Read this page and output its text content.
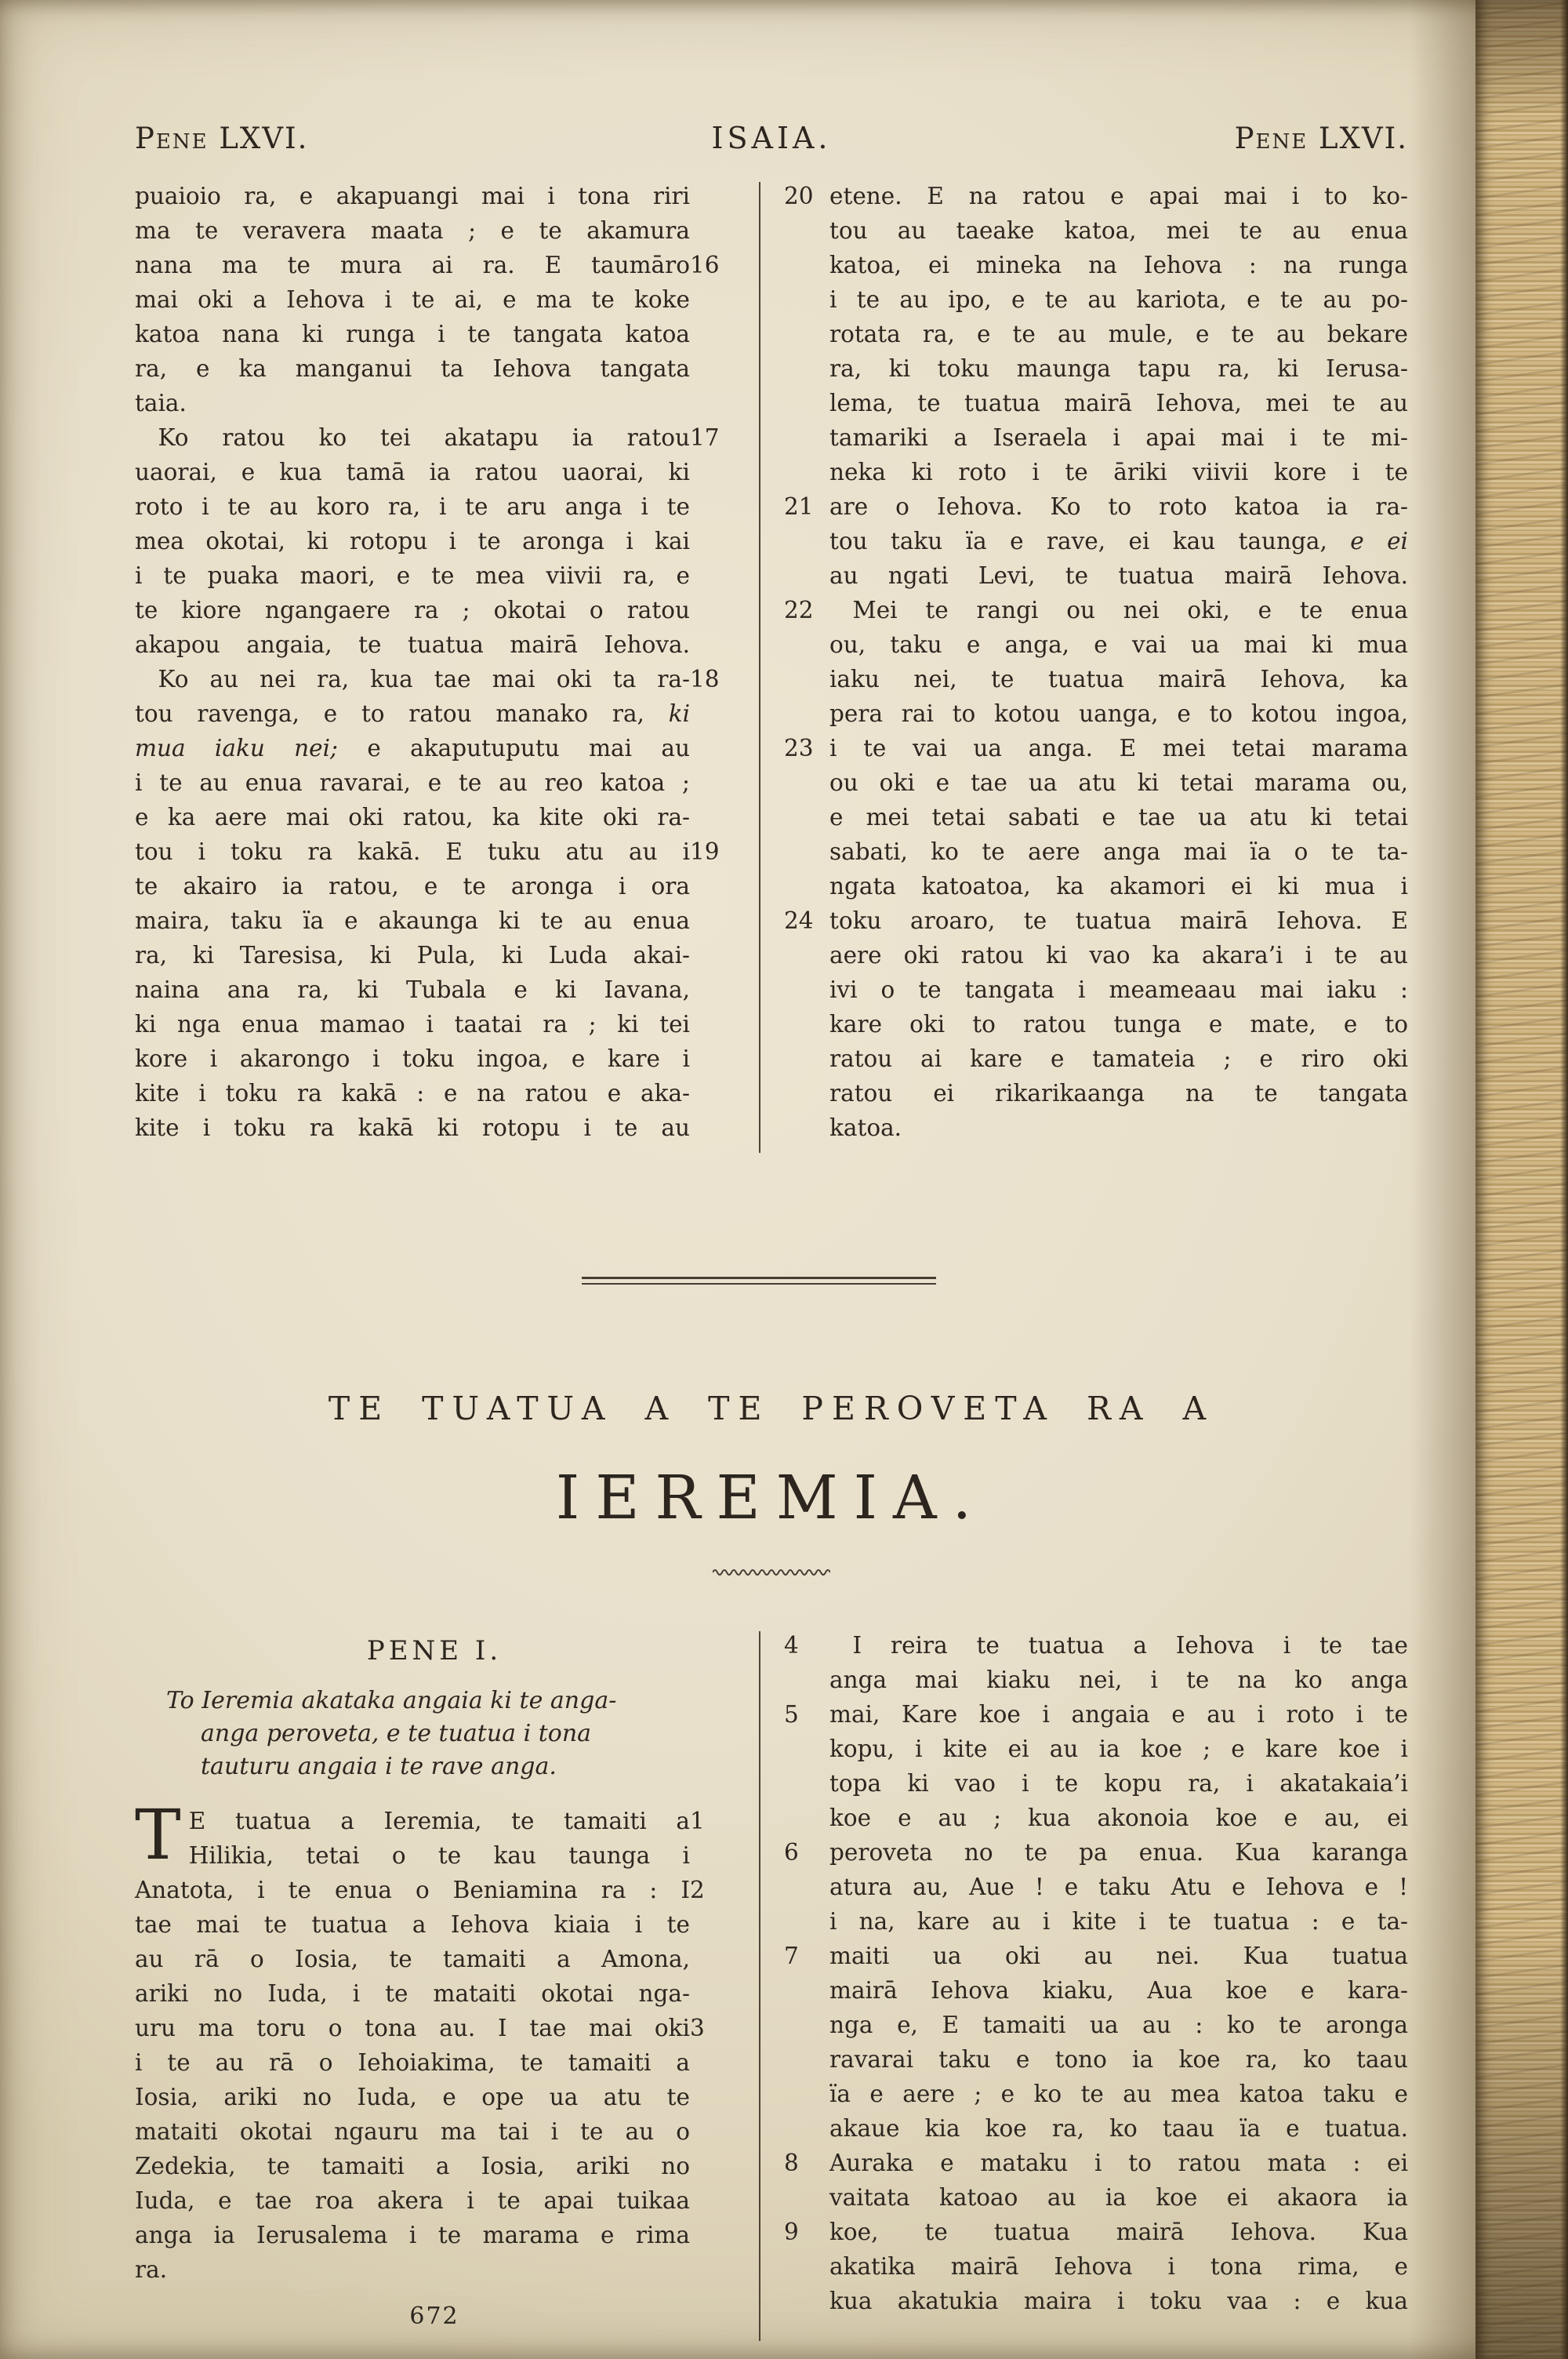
Pene LXVI.	ISAIA.	Pene LXVI.
puaioio ra, e akapuangi mai i tona riri
ma te veravera maata ; e te akamura
nana ma te mura ai ra. E taumāro 16
mai oki a Iehova i te ai, e ma te koke
katoa nana ki runga i te tangata katoa
ra, e ka manganui ta Iehova tangata
taia.
 Ko ratou ko tei akatapu ia ratou 17
uaorai, e kua tamā ia ratou uaorai, ki
roto i te au koro ra, i te aru anga i te
mea okotai, ki rotopu i te aronga i kai
i te puaka maori, e te mea viivii ra, e
te kiore ngangaere ra ; okotai o ratou
akapou angaia, te tuatua mairā Iehova.
 Ko au nei ra, kua tae mai oki ta ra- 18
tou ravenga, e to ratou manako ra, ki
mua iaku nei; e akaputuputu mai au
i te au enua ravarai, e te au reo katoa ;
e ka aere mai oki ratou, ka kite oki ra-
tou i toku ra kakā. E tuku atu au i 19
te akairo ia ratou, e te aronga i ora
maira, taku ïa e akaunga ki te au enua
ra, ki Taresisa, ki Pula, ki Luda akai-
naina ana ra, ki Tubala e ki Iavana,
ki nga enua mamao i taatai ra ; ki tei
kore i akarongo i toku ingoa, e kare i
kite i toku ra kakā : e na ratou e aka-
kite i toku ra kakā ki rotopu i te au
etene. E na ratou e apai mai i to ko-
20
tou au taeake katoa, mei te au enua
katoa, ei mineka na Iehova : na runga
i te au ipo, e te au kariota, e te au po-
rotata ra, e te au mule, e te au bekare
ra, ki toku maunga tapu ra, ki Ierusa-
lema, te tuatua mairā Iehova, mei te au
tamariki a Iseraela i apai mai i te mi-
neka ki roto i te āriki viivii kore i te
are o Iehova. Ko to roto katoa ia ra-
21
tou taku ïa e rave, ei kau taunga, e ei
au ngati Levi, te tuatua mairā Iehova.
 Mei te rangi ou nei oki, e te enua
22
ou, taku e anga, e vai ua mai ki mua
iaku nei, te tuatua mairā Iehova, ka
pera rai to kotou uanga, e to kotou ingoa,
i te vai ua anga. E mei tetai marama
23
ou oki e tae ua atu ki tetai marama ou,
e mei tetai sabati e tae ua atu ki tetai
sabati, ko te aere anga mai ïa o te ta-
ngata katoatoa, ka akamori ei ki mua i
toku aroaro, te tuatua mairā Iehova. E
24
aere oki ratou ki vao ka akara’i i te au
ivi o te tangata i meameaau mai iaku :
kare oki to ratou tunga e mate, e to
ratou ai kare e tamateia ; e riro oki
ratou ei rikarikaanga na te tangata
katoa.
TE TUATUA A TE PEROVETA RA A
IEREMIA.
PENE I.
To Ieremia akataka angaia ki te anga-
anga peroveta, e te tuatua i tona
tauturu angaia i te rave anga.
T E tuatua a Ieremia, te tamaiti a 1
Hilikia, tetai o te kau taunga i
Anatota, i te enua o Beniamina ra : I 2
tae mai te tuatua a Iehova kiaia i te
au rā o Iosia, te tamaiti a Amona,
ariki no Iuda, i te mataiti okotai nga-
uru ma toru o tona au. I tae mai oki 3
i te au rā o Iehoiakima, te tamaiti a
Iosia, ariki no Iuda, e ope ua atu te
mataiti okotai ngauru ma tai i te au o
Zedekia, te tamaiti a Iosia, ariki no
Iuda, e tae roa akera i te apai tuikaa
anga ia Ierusalema i te marama e rima
ra.
 I reira te tuatua a Iehova i te tae
4
anga mai kiaku nei, i te na ko anga
mai, Kare koe i angaia e au i roto i te
5
kopu, i kite ei au ia koe ; e kare koe i
topa ki vao i te kopu ra, i akatakaia’i
koe e au ; kua akonoia koe e au, ei
peroveta no te pa enua. Kua karanga
6
atura au, Aue ! e taku Atu e Iehova e !
i na, kare au i kite i te tuatua : e ta-
maiti ua oki au nei. Kua tuatua
7
mairā Iehova kiaku, Aua koe e kara-
nga e, E tamaiti ua au : ko te aronga
ravarai taku e tono ia koe ra, ko taau
ïa e aere ; e ko te au mea katoa taku e
akaue kia koe ra, ko taau ïa e tuatua.
Auraka e mataku i to ratou mata : ei
8
vaitata katoao au ia koe ei akaora ia
koe, te tuatua mairā Iehova. Kua
9
akatika mairā Iehova i tona rima, e
kua akatukia maira i toku vaa : e kua
672
